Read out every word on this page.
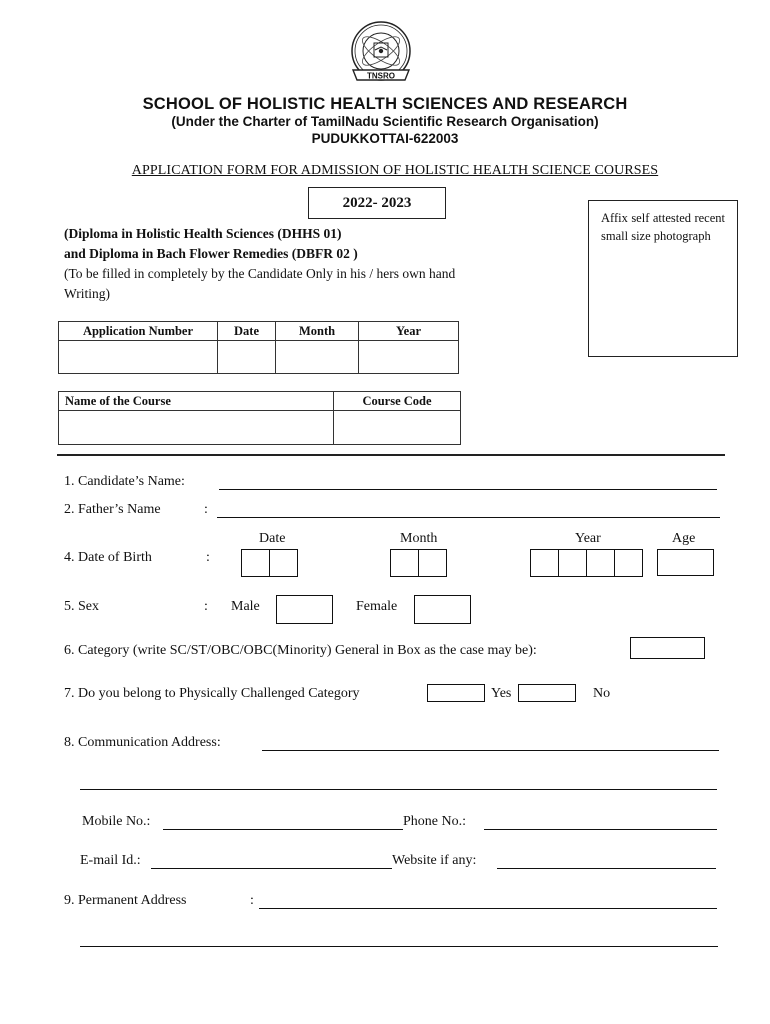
TNSRO
SCHOOL OF HOLISTIC HEALTH SCIENCES AND RESEARCH
(Under the Charter of TamilNadu Scientific Research Organisation)
PUDUKKOTTAI-622003
APPLICATION FORM FOR ADMISSION OF HOLISTIC HEALTH SCIENCE COURSES
2022- 2023
Affix self attested recent small size photograph
(Diploma in Holistic Health Sciences (DHHS 01)
and Diploma in Bach Flower Remedies (DBFR 02 )
(To be filled in completely by the Candidate Only in his / hers own hand Writing)
Application Number	Date	Month	Year

Name of the Course	Course Code

1. Candidate’s Name:
2. Father’s Name	:
Date	Month	Year	Age
4. Date of Birth	:
5. Sex	: Male	Female
6. Category (write SC/ST/OBC/OBC(Minority) General in Box as the case may be):
7. Do you belong to Physically Challenged Category	Yes	No
8. Communication Address:
Mobile No.:	Phone No.:
E-mail Id.:	Website if any:
9. Permanent Address	:
